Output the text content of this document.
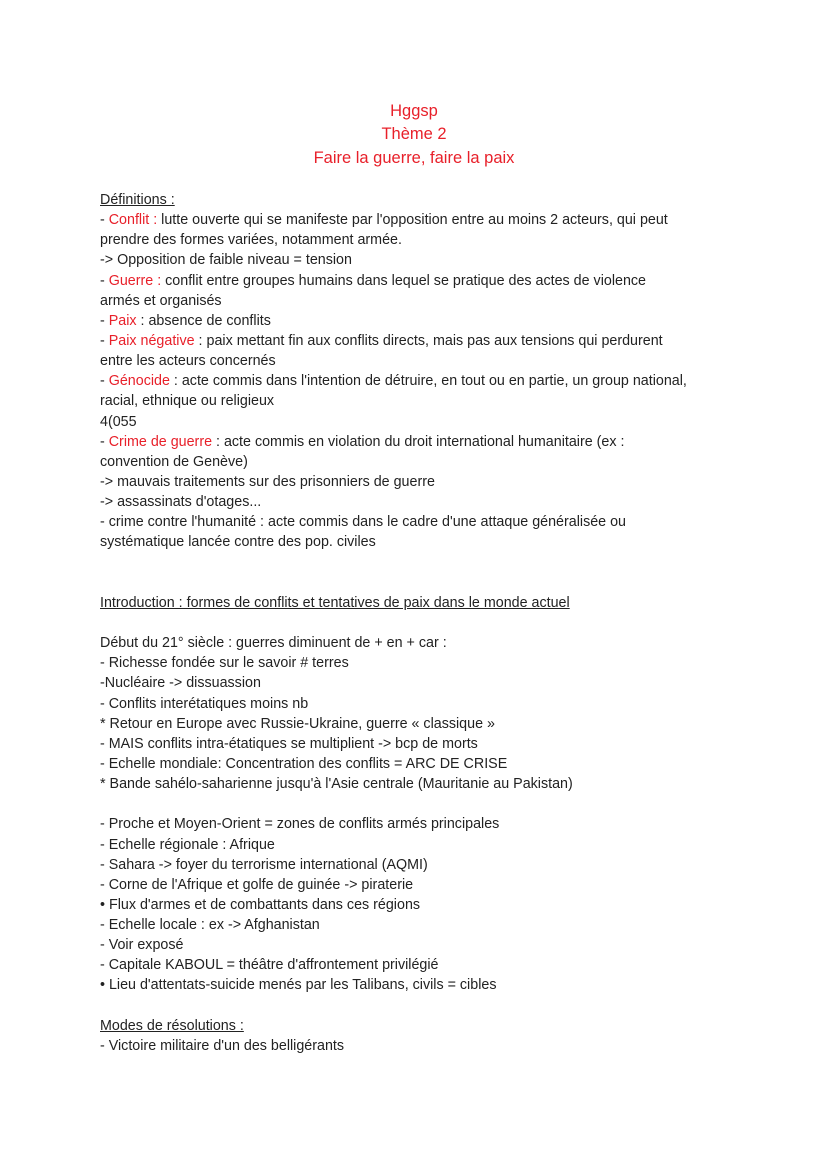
Hggsp
Thème 2
Faire la guerre, faire la paix
Définitions :
- Conflit : lutte ouverte qui se manifeste par l'opposition entre au moins 2 acteurs, qui peut
prendre des formes variées, notamment armée.
-> Opposition de faible niveau = tension
- Guerre : conflit entre groupes humains dans lequel se pratique des actes de violence
armés et organisés
- Paix : absence de conflits
- Paix négative : paix mettant fin aux conflits directs, mais pas aux tensions qui perdurent
entre les acteurs concernés
- Génocide : acte commis dans l'intention de détruire, en tout ou en partie, un group national,
racial, ethnique ou religieux
4(055
- Crime de guerre : acte commis en violation du droit international humanitaire (ex :
convention de Genève)
-> mauvais traitements sur des prisonniers de guerre
-> assassinats d'otages...
- crime contre l'humanité : acte commis dans le cadre d'une attaque généralisée ou
systématique lancée contre des pop. civiles
Introduction : formes de conflits et tentatives de paix dans le monde actuel
Début du 21° siècle : guerres diminuent de + en + car :
- Richesse fondée sur le savoir # terres
-Nucléaire -> dissuassion
- Conflits interétatiques moins nb
* Retour en Europe avec Russie-Ukraine, guerre « classique »
- MAIS conflits intra-étatiques se multiplient -> bcp de morts
- Echelle mondiale: Concentration des conflits = ARC DE CRISE
* Bande sahélo-saharienne jusqu'à l'Asie centrale (Mauritanie au Pakistan)
- Proche et Moyen-Orient = zones de conflits armés principales
- Echelle régionale : Afrique
- Sahara -> foyer du terrorisme international (AQMI)
- Corne de l'Afrique et golfe de guinée -> piraterie
• Flux d'armes et de combattants dans ces régions
- Echelle locale : ex -> Afghanistan
- Voir exposé
- Capitale KABOUL = théâtre d'affrontement privilégié
• Lieu d'attentats-suicide menés par les Talibans, civils = cibles
Modes de résolutions :
- Victoire militaire d'un des belligérants
